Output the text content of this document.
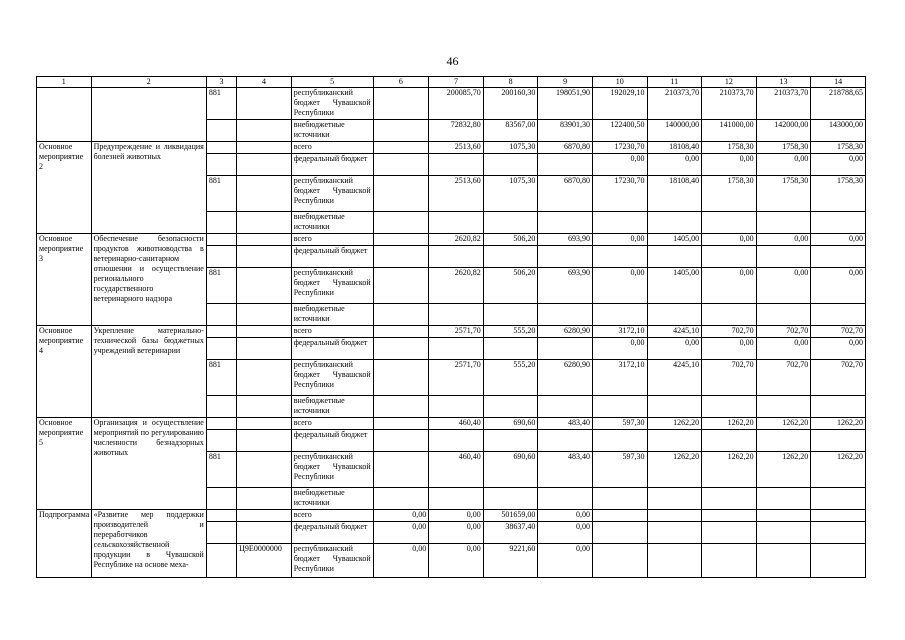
46
1	2	3	4	5	6	7	8	9	10	11	12	13	14
		881		республиканский бюджет Чувашской Республики		200085,70	200160,30	198051,90	192029,10	210373,70	210373,70	210373,70	218788,65
				внебюджетные источники		72832,80	83567,00	83901,30	122400,50	140000,00	141000,00	142000,00	143000,00
Основное мероприятие 2	Предупреждение и ликвидация болезней животных			всего		2513,60	1075,30	6870,80	17230,70	18108,40	1758,30	1758,30	1758,30
				федеральный бюджет					0,00	0,00	0,00	0,00	0,00
		881		республиканский бюджет Чувашской Республики		2513,60	1075,30	6870,80	17230,70	18108,40	1758,30	1758,30	1758,30
				внебюджетные источники									
Основное мероприятие 3	Обеспечение безопасности продуктов животноводства в ветеринарно-санитарном отношении и осуществление регионального государственного ветеринарного надзора			всего		2620,82	506,20	693,90	0,00	1405,00	0,00	0,00	0,00
				федеральный бюджет									
		881		республиканский бюджет Чувашской Республики		2620,82	506,20	693,90	0,00	1405,00	0,00	0,00	0,00
				внебюджетные источники									
Основное мероприятие 4	Укрепление материально-технической базы бюджетных учреждений ветеринарии			всего		2571,70	555,20	6280,90	3172,10	4245,10	702,70	702,70	702,70
				федеральный бюджет					0,00	0,00	0,00	0,00	0,00
		881		республиканский бюджет Чувашской Республики		2571,70	555,20	6280,90	3172,10	4245,10	702,70	702,70	702,70
				внебюджетные источники									
Основное мероприятие 5	Организация и осуществление мероприятий по регулированию численности безнадзорных животных			всего		460,40	690,60	483,40	597,30	1262,20	1262,20	1262,20	1262,20
				федеральный бюджет									
		881		республиканский бюджет Чувашской Республики		460,40	690,60	483,40	597,30	1262,20	1262,20	1262,20	1262,20
				внебюджетные источники									
Подпрограмма	«Развитие мер поддержки производителей и переработчиков сельскохозяйственной продукции в Чувашской Республике на основе меха-			всего	0,00	0,00	501659,00	0,00					
				федеральный бюджет	0,00	0,00	38637,40	0,00					
			Ц9Е0000000	республиканский бюджет Чувашской Республики	0,00	0,00	9221,60	0,00					
